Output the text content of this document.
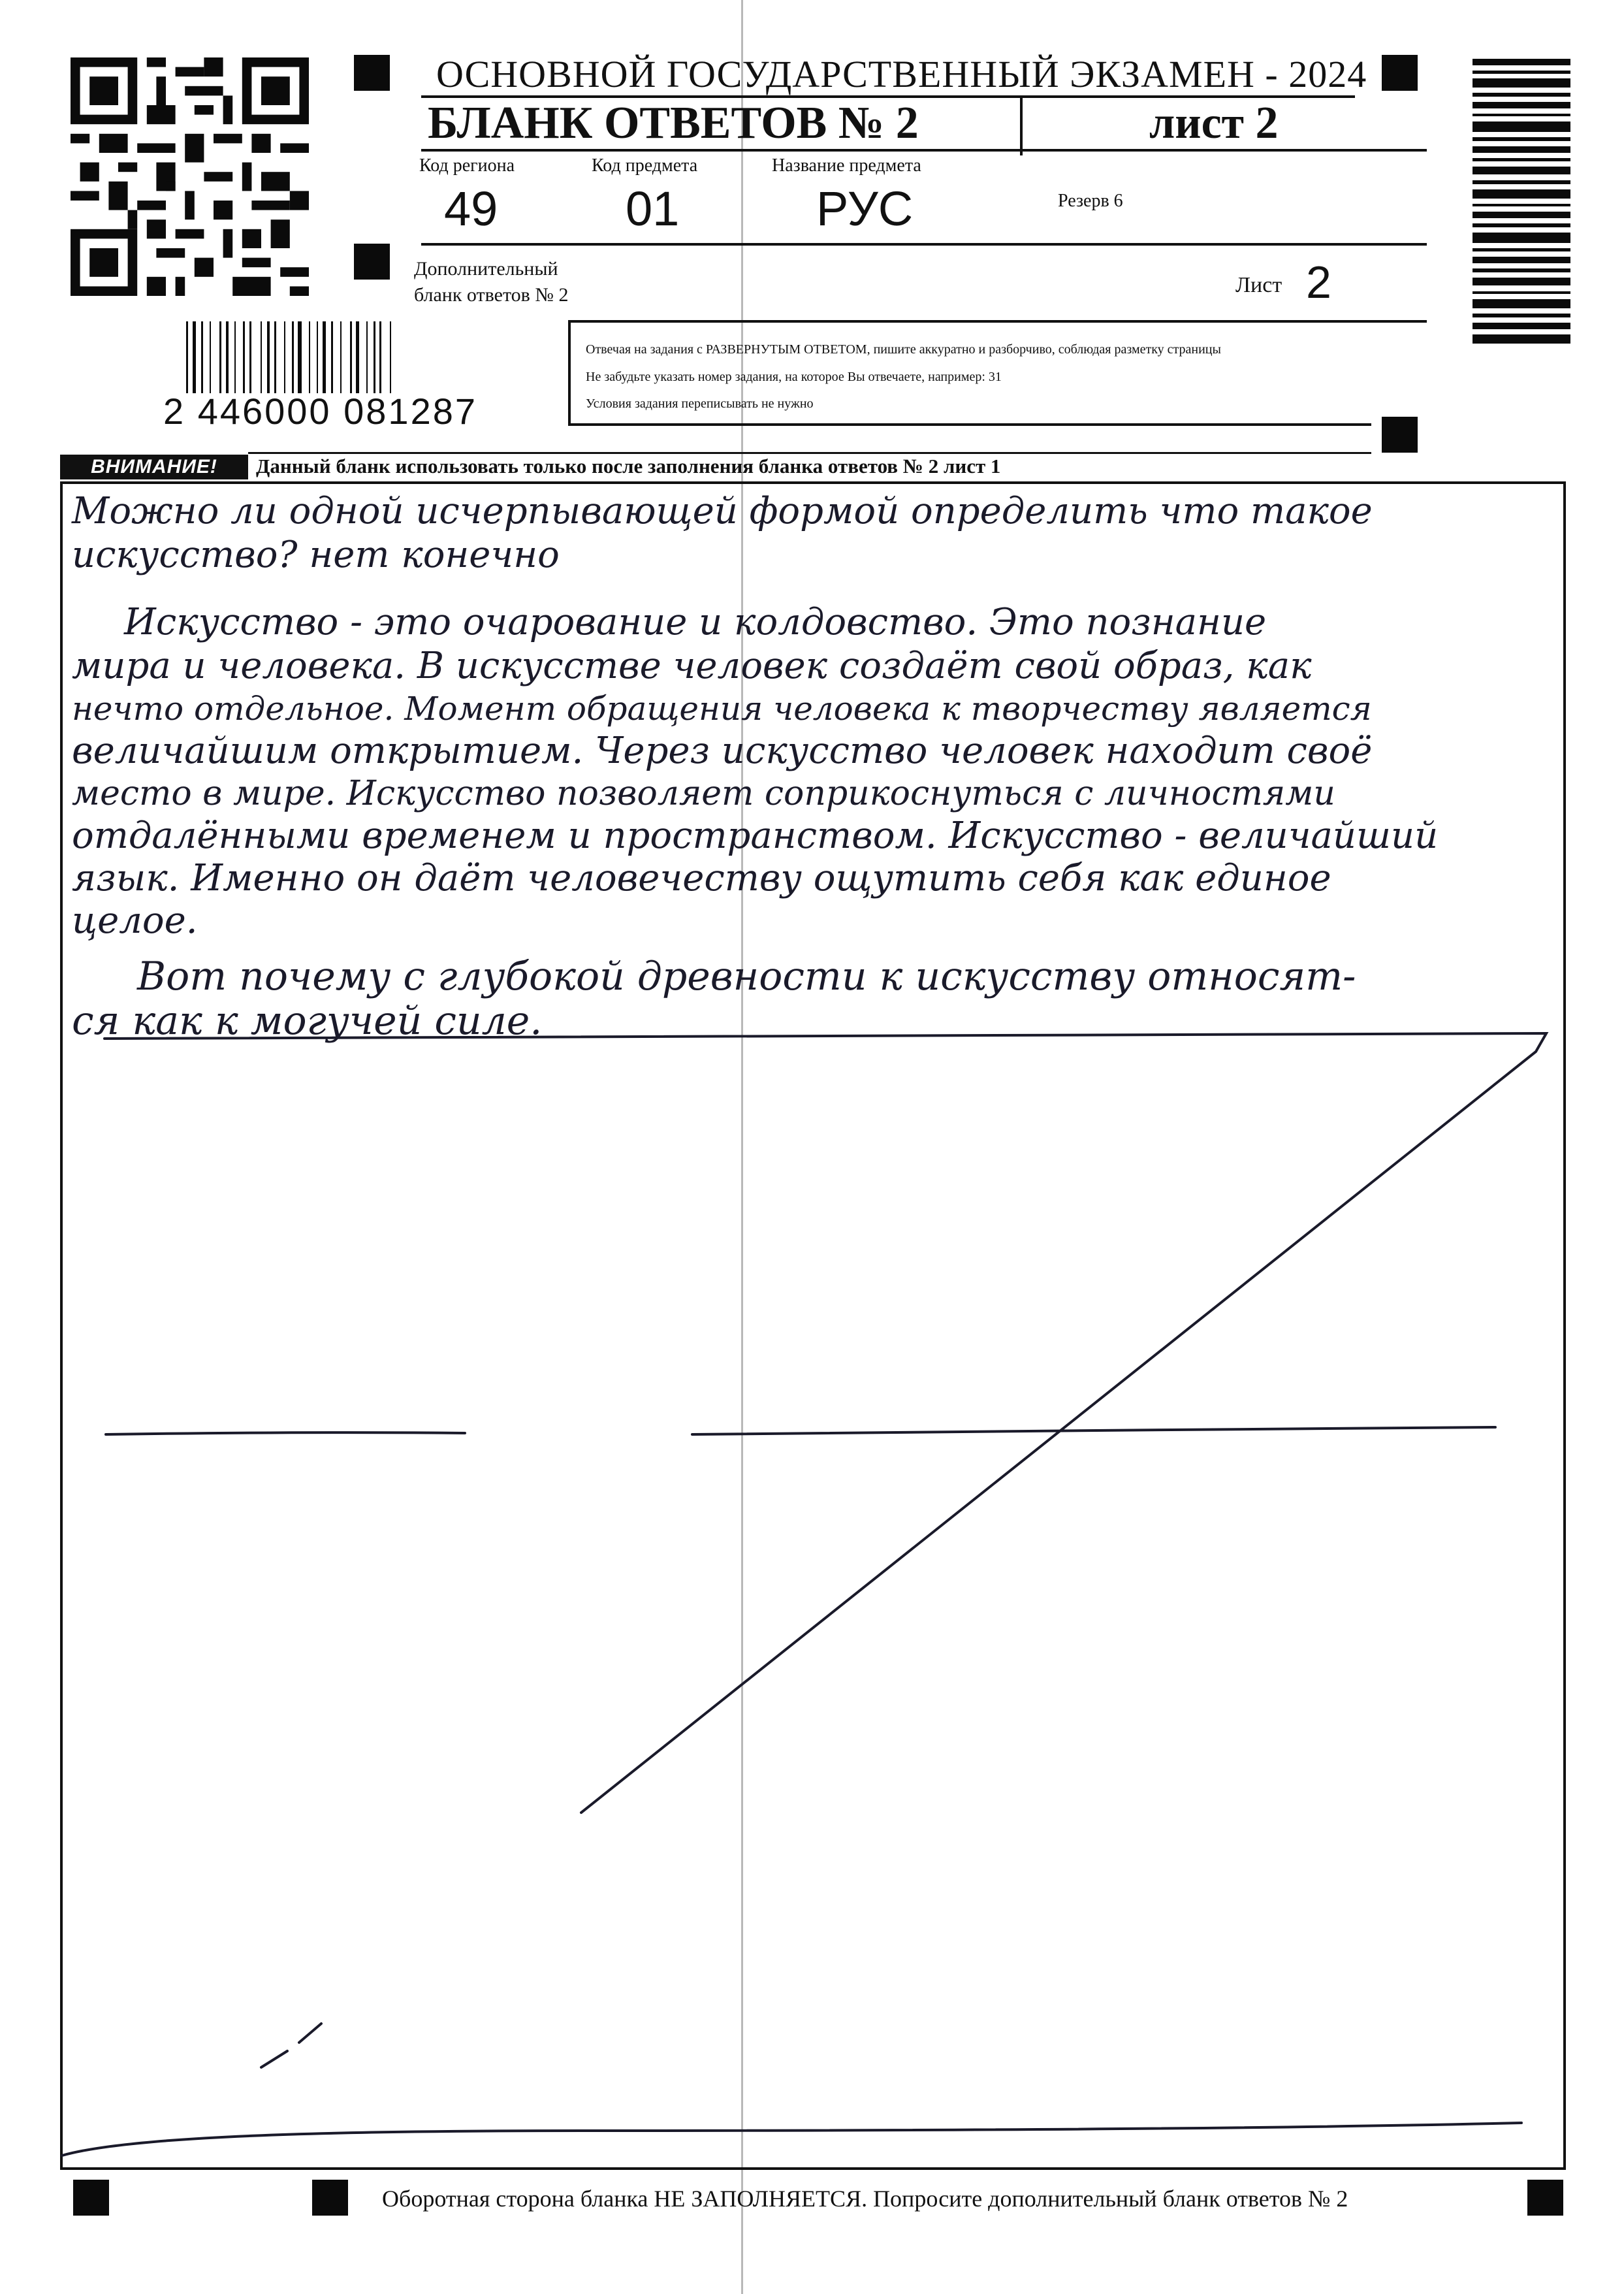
ОСНОВНОЙ ГОСУДАРСТВЕННЫЙ ЭКЗАМЕН - 2024
БЛАНК ОТВЕТОВ № 2	лист 2
Код региона
49
Код предмета
01
Название предмета
РУС	Резерв 6
Дополнительный
бланк ответов № 2	Лист 2
2 446000 081287
Отвечая на задания с РАЗВЕРНУТЫМ ОТВЕТОМ, пишите аккуратно и разборчиво, соблюдая разметку страницы
Не забудьте указать номер задания, на которое Вы отвечаете, например: 31
Условия задания переписывать не нужно
ВНИМАНИЕ!	Данный бланк использовать только после заполнения бланка ответов № 2 лист 1
Можно ли одной исчерпывающей формой определить что такое
искусство? нет конечно
Искусство - это очарование и колдовство. Это познание
мира и человека. В искусстве человек создаёт свой образ, как
нечто отдельное. Момент обращения человека к творчеству является
величайшим открытием. Через искусство человек находит своё
место в мире. Искусство позволяет соприкоснуться с личностями
отдалёнными временем и пространством. Искусство - величайший
язык. Именно он даёт человечеству ощутить себя как единое
целое.
Вот почему с глубокой древности к искусству относят-
ся как к могучей силе.
Оборотная сторона бланка НЕ ЗАПОЛНЯЕТСЯ. Попросите дополнительный бланк ответов № 2
